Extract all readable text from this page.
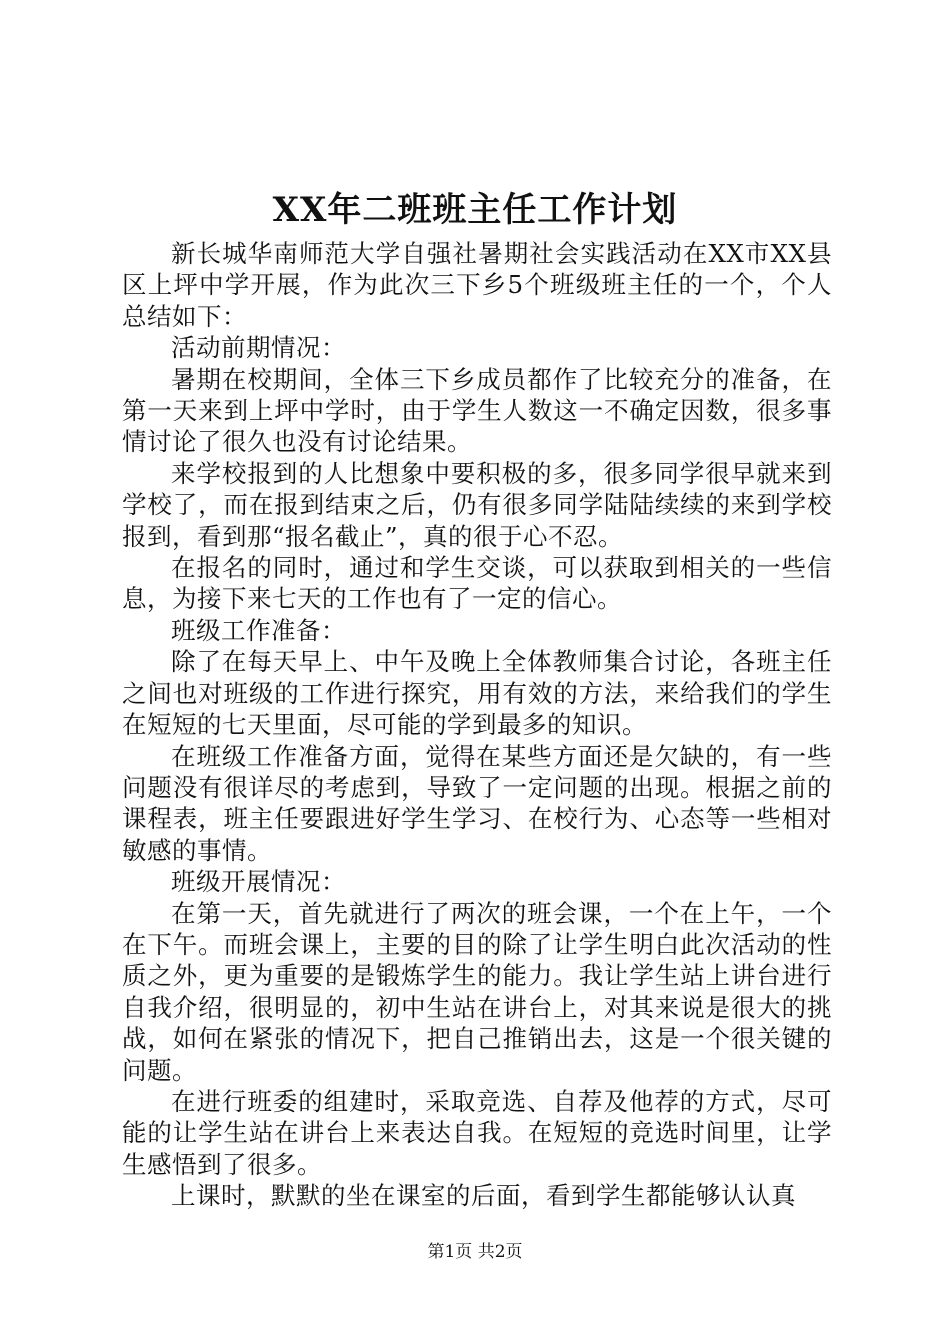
XX年二班班主任工作计划

新长城华南师范大学自强社暑期社会实践活动在XX市XX县区上坪中学开展，作为此次三下乡5个班级班主任的一个，个人总结如下：

活动前期情况：

暑期在校期间，全体三下乡成员都作了比较充分的准备，在第一天来到上坪中学时，由于学生人数这一不确定因数，很多事情讨论了很久也没有讨论结果。

来学校报到的人比想象中要积极的多，很多同学很早就来到学校了，而在报到结束之后，仍有很多同学陆陆续续的来到学校报到，看到那“报名截止”，真的很于心不忍。

在报名的同时，通过和学生交谈，可以获取到相关的一些信息，为接下来七天的工作也有了一定的信心。

班级工作准备：

除了在每天早上、中午及晚上全体教师集合讨论，各班主任之间也对班级的工作进行探究，用有效的方法，来给我们的学生在短短的七天里面，尽可能的学到最多的知识。

在班级工作准备方面，觉得在某些方面还是欠缺的，有一些问题没有很详尽的考虑到，导致了一定问题的出现。根据之前的课程表，班主任要跟进好学生学习、在校行为、心态等一些相对敏感的事情。

班级开展情况：

在第一天，首先就进行了两次的班会课，一个在上午，一个在下午。而班会课上，主要的目的除了让学生明白此次活动的性质之外，更为重要的是锻炼学生的能力。我让学生站上讲台进行自我介绍，很明显的，初中生站在讲台上，对其来说是很大的挑战，如何在紧张的情况下，把自己推销出去，这是一个很关键的问题。

在进行班委的组建时，采取竞选、自荐及他荐的方式，尽可能的让学生站在讲台上来表达自我。在短短的竞选时间里，让学生感悟到了很多。

上课时，默默的坐在课室的后面，看到学生都能够认认真

第1页 共2页
